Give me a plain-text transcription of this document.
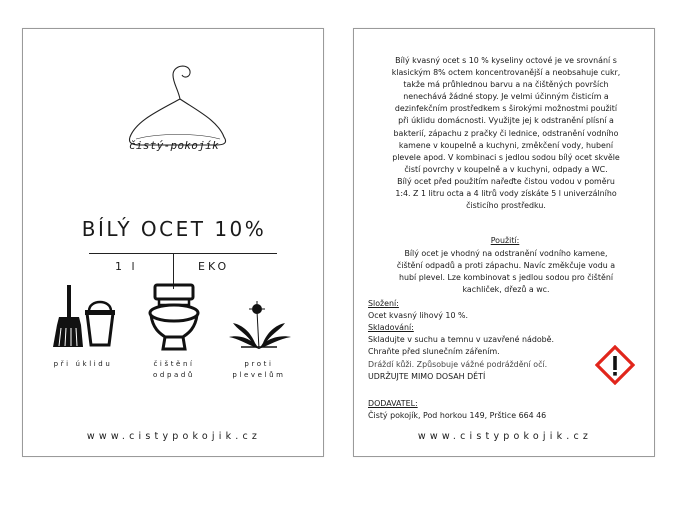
čistý-pokojík
BÍLÝ OCET 10%
1 l	EKO
při úklidu	čištění
odpadů
proti
plevelům
www.cistypokojik.cz
Bílý kvasný ocet s 10 % kyseliny octové je ve srovnání s
klasickým 8% octem koncentrovanější a neobsahuje cukr,
takže má průhlednou barvu a na čištěných površích
nenechává žádné stopy. Je velmi účinným čisticím a
dezinfekčním prostředkem s širokými možnostmi použití
při úklidu domácnosti. Využijte jej k odstranění plísní a
bakterií, zápachu z pračky či lednice, odstranění vodního
kamene v koupelně a kuchyni, změkčení vody, hubení
plevele apod. V kombinaci s jedlou sodou bílý ocet skvěle
čistí povrchy v koupelně a v kuchyni, odpady a WC.
Bílý ocet před použitím nařeďte čistou vodou v poměru
1:4. Z 1 litru octa a 4 litrů vody získáte 5 l univerzálního
čisticího prostředku.
Použití:
Bílý ocet je vhodný na odstranění vodního kamene,
čištění odpadů a proti zápachu. Navíc změkčuje vodu a
hubí plevel. Lze kombinovat s jedlou sodou pro čištění
kachliček, dřezů a wc.
Složení:
Ocet kvasný lihový 10 %.
Skladování:
Skladujte v suchu a temnu v uzavřené nádobě.
Chraňte před slunečním zářením.
Dráždí kůži. Způsobuje vážné podráždění očí.
UDRŽUJTE MIMO DOSAH DĚTÍ
DODAVATEL:
Čistý pokojík, Pod horkou 149, Prštice 664 46
www.cistypokojik.cz
